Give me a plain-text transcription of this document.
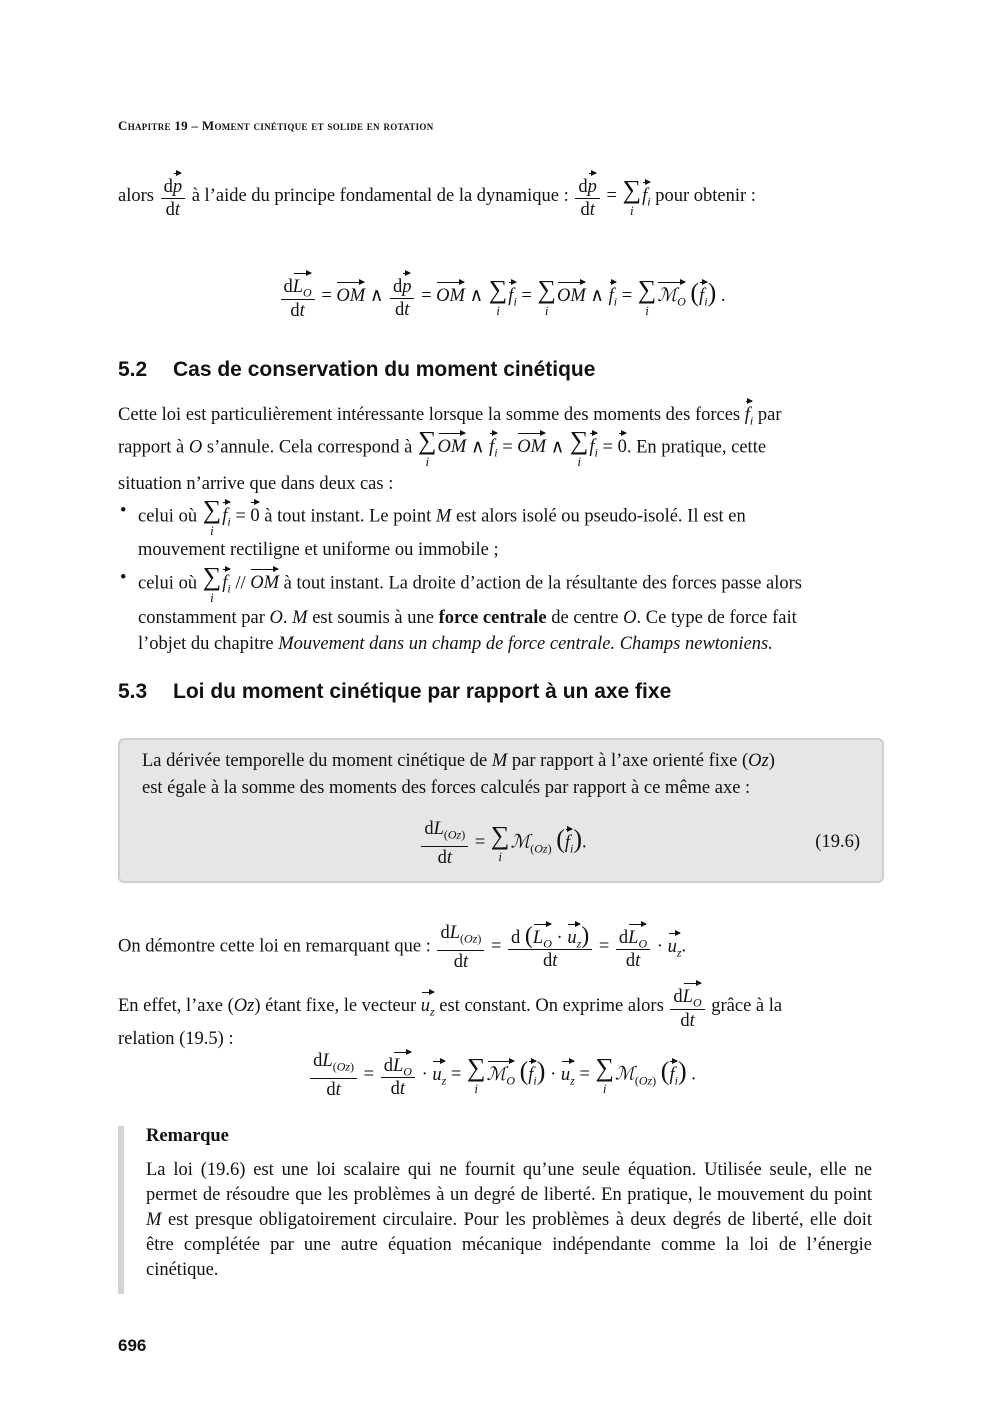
Chapitre 19 – Moment cinétique et solide en rotation
alors $\frac{dp}{dt}$ à l’aide du principe fondamental de la dynamique : $\frac{dp}{dt}$ = ∑
i
$f_i$ pour obtenir :
$\frac{dL_O}{dt}$ = OM ∧ $\frac{dp}{dt}$ = OM ∧ ∑
i
$f_i$ = ∑
i
OM ∧ $f_i$ = ∑
i
ℳ$_O$ $(f_i)$ .
5.2 Cas de conservation du moment cinétique
Cette loi est particulièrement intéressante lorsque la somme des moments des forces $f_i$ par
rapport à O s’annule. Cela correspond à ∑
i
OM ∧ $f_i$ = OM ∧ ∑
i
$f_i = 0$. En pratique, cette
situation n’arrive que dans deux cas :
• celui où ∑
i
$f_i = 0$ à tout instant. Le point M est alors isolé ou pseudo-isolé. Il est en
mouvement rectiligne et uniforme ou immobile ;
• celui où ∑
i
$f_i$ // OM à tout instant. La droite d’action de la résultante des forces passe alors
constamment par O. M est soumis à une force centrale de centre O. Ce type de force fait
l’objet du chapitre Mouvement dans un champ de force centrale. Champs newtoniens.
5.3 Loi du moment cinétique par rapport à un axe fixe
La dérivée temporelle du moment cinétique de M par rapport à l’axe orienté fixe (Oz)
est égale à la somme des moments des forces calculés par rapport à ce même axe :
$\frac{dL_{(Oz)}}{dt}$ = ∑
i
ℳ$_{(Oz)}$ $(f_i)$.	(19.6)
On démontre cette loi en remarquant que : $\frac{dL_{(Oz)}}{dt} = \frac{d (L_O \cdot u_z)}{dt} = \frac{dL_O}{dt} \cdot u_z$.
En effet, l’axe (Oz) étant fixe, le vecteur $u_z$ est constant. On exprime alors $\frac{dL_O}{dt}$ grâce à la
relation (19.5) :
$\frac{dL_{(Oz)}}{dt} = \frac{dL_O}{dt} \cdot u_z$ = ∑
i
ℳ$_O$ $(f_i) \cdot u_z$ = ∑
i
ℳ$_{(Oz)}$ $(f_i)$ .
Remarque
La loi (19.6) est une loi scalaire qui ne fournit qu’une seule équation. Utilisée seule, elle ne permet de résoudre que les problèmes à un degré de liberté. En pratique, le mouvement du point M est presque obligatoirement circulaire. Pour les problèmes à deux degrés de liberté, elle doit être complétée par une autre équation mécanique indépendante comme la loi de l’énergie cinétique.
696
